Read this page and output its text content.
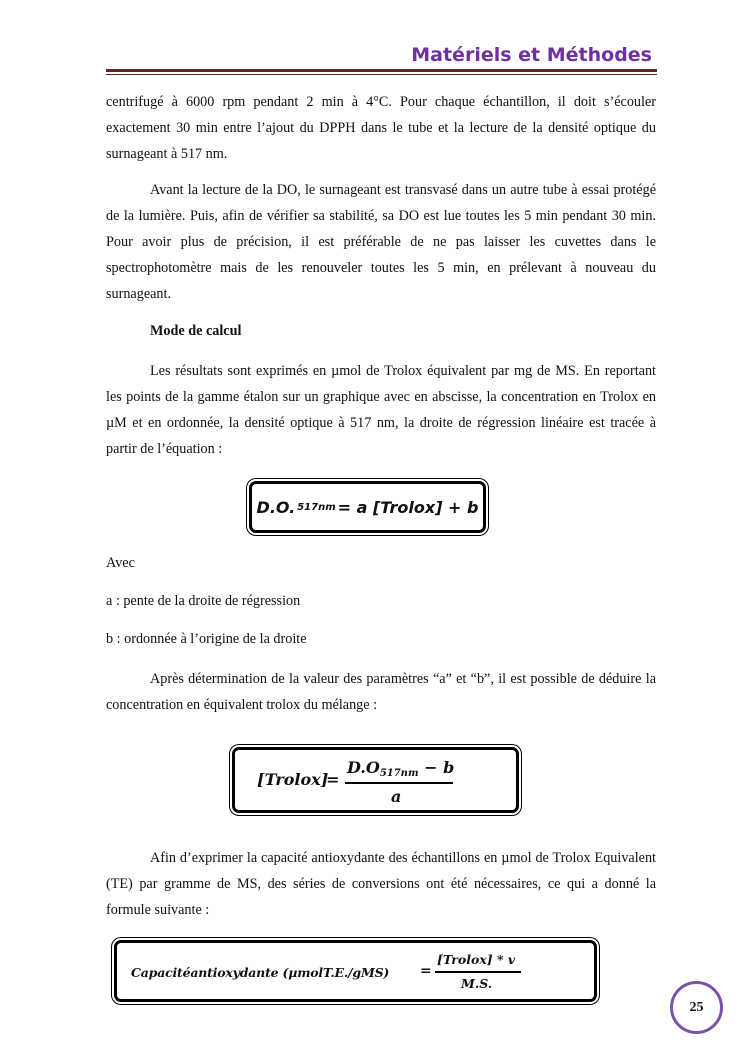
Matériels et Méthodes

centrifugé à 6000 rpm pendant 2 min à 4°C. Pour chaque échantillon, il doit s’écouler exactement 30 min entre l’ajout du DPPH dans le tube et la lecture de la densité optique du surnageant à 517 nm.

Avant la lecture de la DO, le surnageant est transvasé dans un autre tube à essai protégé de la lumière. Puis, afin de vérifier sa stabilité, sa DO est lue toutes les 5 min pendant 30 min. Pour avoir plus de précision, il est préférable de ne pas laisser les cuvettes dans le spectrophotomètre mais de les renouveler toutes les 5 min, en prélevant à nouveau du surnageant.

Mode de calcul

Les résultats sont exprimés en µmol de Trolox équivalent par mg de MS. En reportant les points de la gamme étalon sur un graphique avec en abscisse, la concentration en Trolox en µM et en ordonnée, la densité optique à 517 nm, la droite de régression linéaire est tracée à partir de l’équation :

D.O. 517nm = a [Trolox] + b

Avec

a : pente de la droite de régression

b : ordonnée à l’origine de la droite

Après détermination de la valeur des paramètres “a” et “b”, il est possible de déduire la concentration en équivalent trolox du mélange :

[Trolox]
=
$D.O_{517nm} - b$
a

Afin d’exprimer la capacité antioxydante des échantillons en µmol de Trolox Equivalent (TE) par gramme de MS, des séries de conversions ont été nécessaires, ce qui a donné la formule suivante :

Capacitéantioxydante (µmolT.E./gMS) =
[Trolox] * v
M.S.
25
